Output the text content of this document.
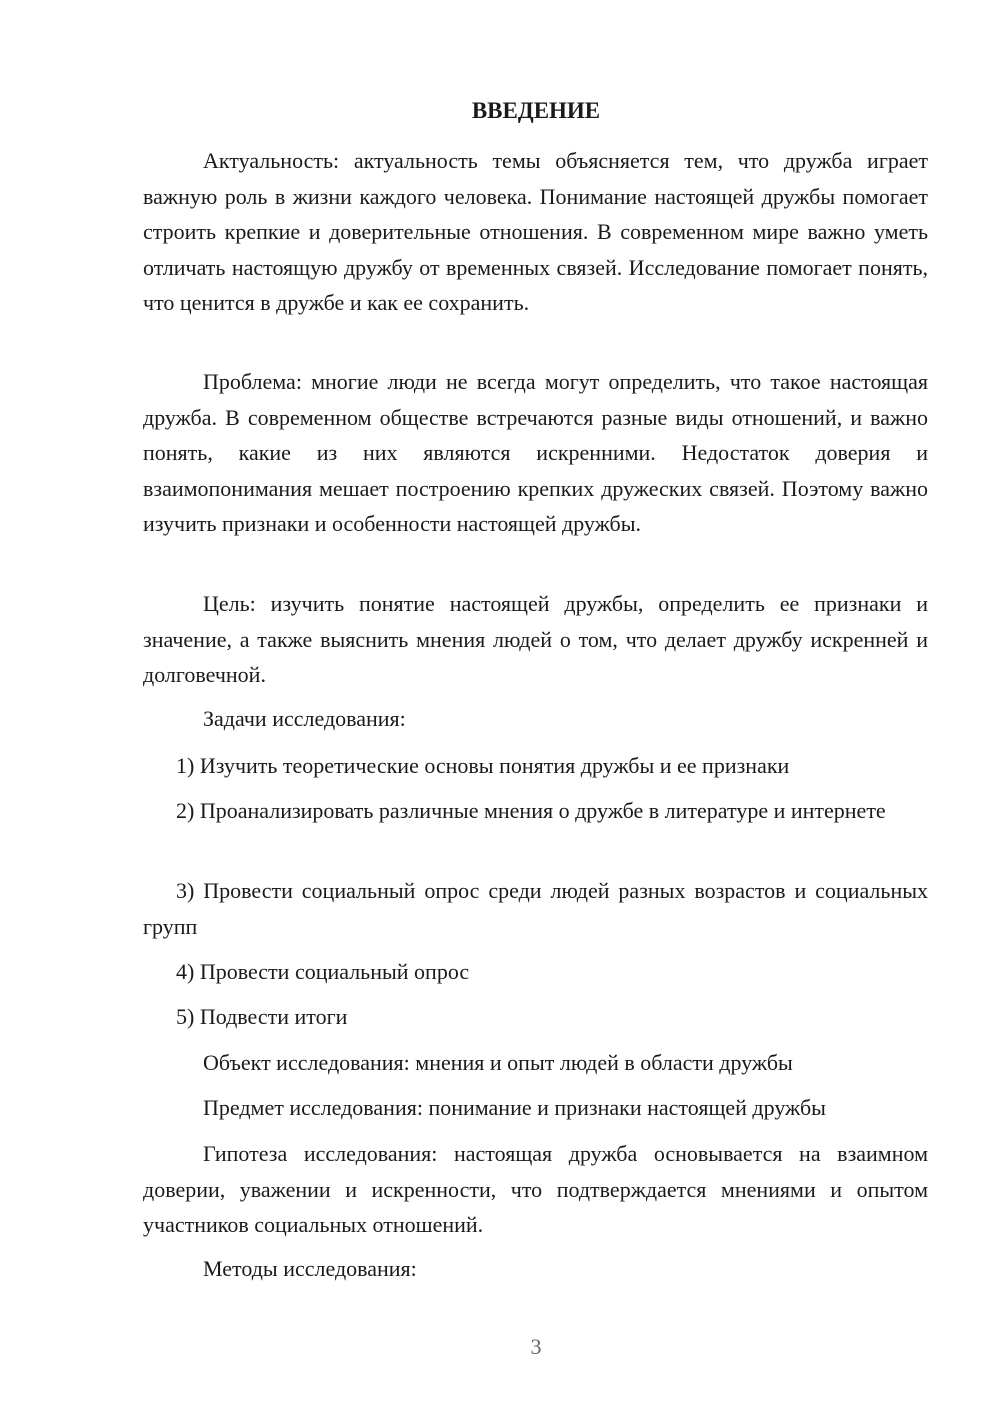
ВВЕДЕНИЕ

Актуальность: актуальность темы объясняется тем, что дружба играет важную роль в жизни каждого человека. Понимание настоящей дружбы помогает строить крепкие и доверительные отношения. В современном мире важно уметь отличать настоящую дружбу от временных связей. Исследование помогает понять, что ценится в дружбе и как ее сохранить.

Проблема: многие люди не всегда могут определить, что такое настоящая дружба. В современном обществе встречаются разные виды отношений, и важно понять, какие из них являются искренними. Недостаток доверия и взаимопонимания мешает построению крепких дружеских связей. Поэтому важно изучить признаки и особенности настоящей дружбы.

Цель: изучить понятие настоящей дружбы, определить ее признаки и значение, а также выяснить мнения людей о том, что делает дружбу искренней и долговечной.

Задачи исследования:

1) Изучить теоретические основы понятия дружбы и ее признаки

2) Проанализировать различные мнения о дружбе в литературе и интернете

3) Провести социальный опрос среди людей разных возрастов и социальных групп

4) Провести социальный опрос

5) Подвести итоги

Объект исследования: мнения и опыт людей в области дружбы

Предмет исследования: понимание и признаки настоящей дружбы

Гипотеза исследования: настоящая дружба основывается на взаимном доверии, уважении и искренности, что подтверждается мнениями и опытом участников социальных отношений.

Методы исследования:

3
